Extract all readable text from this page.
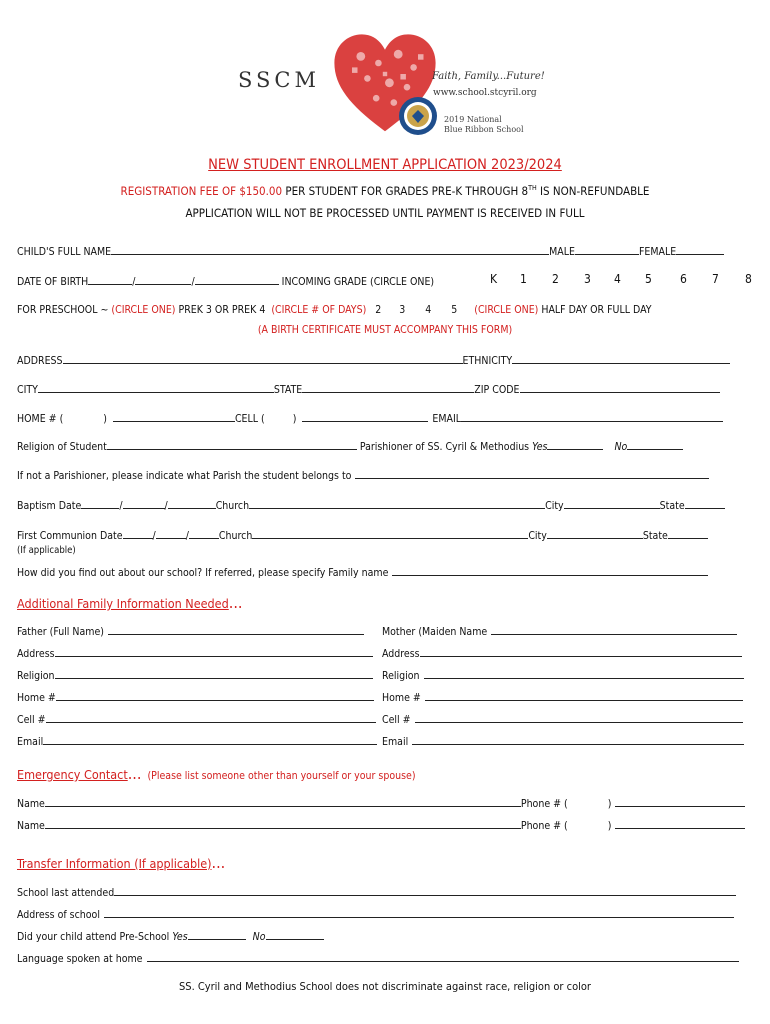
SSCM	Faith, Family...Future!
www.school.stcyril.org
2019 National
Blue Ribbon School
NEW STUDENT ENROLLMENT APPLICATION 2023/2024
REGISTRATION FEE OF $150.00 PER STUDENT FOR GRADES PRE-K THROUGH 8TH IS NON-REFUNDABLE
APPLICATION WILL NOT BE PROCESSED UNTIL PAYMENT IS RECEIVED IN FULL
CHILD'S FULL NAME	MALE	FEMALE
DATE OF BIRTH	/	/	INCOMING GRADE (CIRCLE ONE)	K 1 2 3 4 5 6 7 8
FOR PRESCHOOL ~ (CIRCLE ONE) PREK 3 OR PREK 4 (CIRCLE # OF DAYS) 2 3 4 5 (CIRCLE ONE) HALF DAY OR FULL DAY
(A BIRTH CERTIFICATE MUST ACCOMPANY THIS FORM)
ADDRESS	ETHNICITY
CITY	STATE	ZIP CODE
HOME # (	)	CELL (	)	EMAIL
Religion of Student	Parishioner of SS. Cyril & Methodius Yes	No
If not a Parishioner, please indicate what Parish the student belongs to
Baptism Date	/	/	Church	City	State
First Communion Date	/	/	Church	City	State
(If applicable)
How did you find out about our school? If referred, please specify Family name
Additional Family Information Needed...
Father (Full Name)	Mother (Maiden Name
Address	Address
Religion	Religion
Home #	Home #
Cell #	Cell #
Email	Email
Emergency Contact... (Please list someone other than yourself or your spouse)
Name	Phone # (	)
Name	Phone # (	)
Transfer Information (If applicable)...
School last attended
Address of school
Did your child attend Pre-School Yes	No
Language spoken at home
SS. Cyril and Methodius School does not discriminate against race, religion or color
